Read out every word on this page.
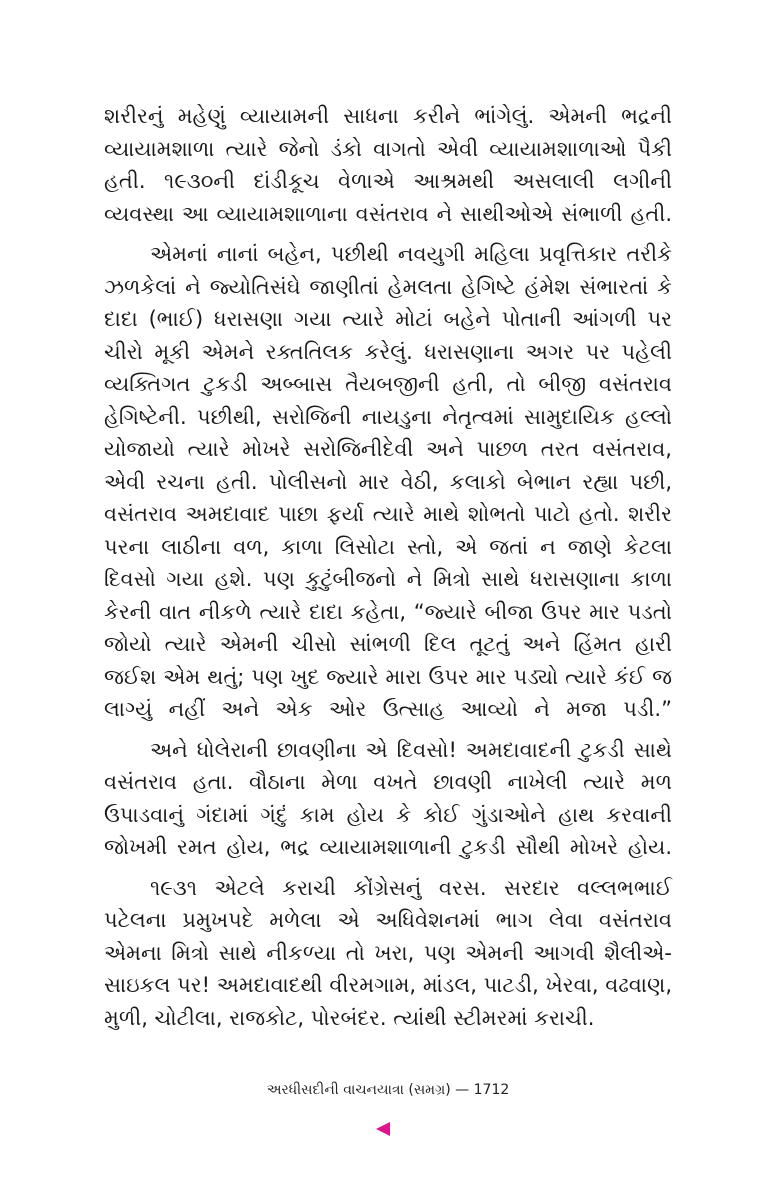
શરીરનું મહેણું વ્યાયામની સાધના કરીને ભાંગેલું. એમની ભદ્રની વ્યાયામશાળા ત્યારે જેનો ડંકો વાગતો એવી વ્યાયામશાળાઓ પૈકી હતી. ૧૯૩૦ની દાંડીકૂચ વેળાએ આશ્રમથી અસલાલી લગીની વ્યવસ્થા આ વ્યાયામશાળાના વસંતરાવ ને સાથીઓએ સંભાળી હતી.

એમનાં નાનાં બહેન, પછીથી નવયુગી મહિલા પ્રવૃત્તિકાર તરીકે ઝળકેલાં ને જ્યોતિસંઘે જાણીતાં હેમલતા હેગિષ્ટે હંમેશ સંભારતાં કે દાદા (ભાઈ) ધરાસણા ગયા ત્યારે મોટાં બહેને પોતાની આંગળી પર ચીરો મૂકી એમને રક્તતિલક કરેલું. ધરાસણાના અગર પર પહેલી વ્યક્તિગત ટુકડી અબ્બાસ તૈયબજીની હતી, તો બીજી વસંતરાવ હેગિષ્ટેની. પછીથી, સરોજિની નાયડુના નેતૃત્વમાં સામુદાયિક હલ્લો યોજાયો ત્યારે મોખરે સરોજિનીદેવી અને પાછળ તરત વસંતરાવ, એવી રચના હતી. પોલીસનો માર વેઠી, કલાકો બેભાન રહ્યા પછી, વસંતરાવ અમદાવાદ પાછા ફર્યા ત્યારે માથે શોભતો પાટો હતો. શરીર પરના લાઠીના વળ, કાળા લિસોટા સ્તો, એ જતાં ન જાણે કેટલા દિવસો ગયા હશે. પણ કુટુંબીજનો ને મિત્રો સાથે ધરાસણાના કાળા કેરની વાત નીકળે ત્યારે દાદા કહેતા, “જ્યારે બીજા ઉપર માર પડતો જોયો ત્યારે એમની ચીસો સાંભળી દિલ તૂટતું અને હિંમત હારી જઈશ એમ થતું; પણ ખુદ જ્યારે મારા ઉપર માર પડ્યો ત્યારે કંઈ જ લાગ્યું નહીં અને એક ઓર ઉત્સાહ આવ્યો ને મજા પડી.”

અને ધોલેરાની છાવણીના એ દિવસો! અમદાવાદની ટુકડી સાથે વસંતરાવ હતા. વૌઠાના મેળા વખતે છાવણી નાખેલી ત્યારે મળ ઉપાડવાનું ગંદામાં ગંદું કામ હોય કે કોઈ ગુંડાઓને હાથ કરવાની જોખમી રમત હોય, ભદ્ર વ્યાયામશાળાની ટુકડી સૌથી મોખરે હોય.

૧૯૩૧ એટલે કરાચી કોંગ્રેસનું વરસ. સરદાર વલ્લભભાઈ પટેલના પ્રમુખપદે મળેલા એ અધિવેશનમાં ભાગ લેવા વસંતરાવ એમના મિત્રો સાથે નીકળ્યા તો ખરા, પણ એમની આગવી શૈલીએ-સાઇકલ પર! અમદાવાદથી વીરમગામ, માંડલ, પાટડી, ખેરવા, વઢવાણ, મુળી, ચોટીલા, રાજકોટ, પોરબંદર. ત્યાંથી સ્ટીમરમાં કરાચી.

અરધીસદીની વાચનયાત્રા (સમગ્ર) — 1712
